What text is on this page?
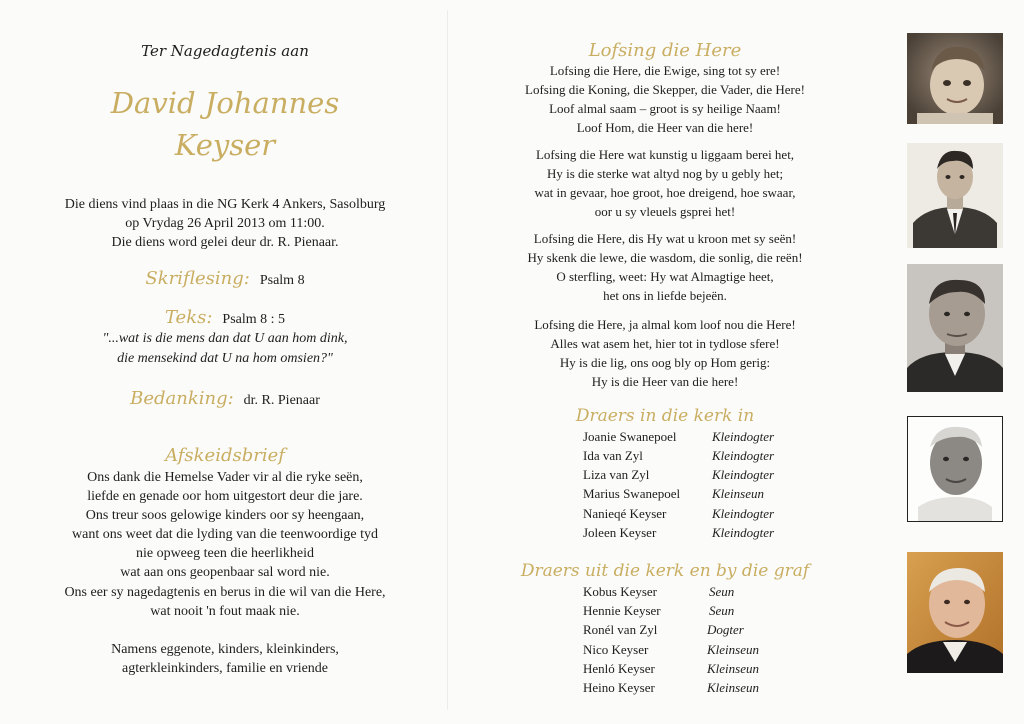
Ter Nagedagtenis aan
David Johannes
Keyser
Die diens vind plaas in die NG Kerk 4 Ankers, Sasolburg
op Vrydag 26 April 2013 om 11:00.
Die diens word gelei deur dr. R. Pienaar.
Skriflesing: Psalm 8
Teks: Psalm 8 : 5
"...wat is die mens dan dat U aan hom dink,
die mensekind dat U na hom omsien?"
Bedanking: dr. R. Pienaar
Afskeidsbrief
Ons dank die Hemelse Vader vir al die ryke seën,
liefde en genade oor hom uitgestort deur die jare.
Ons treur soos gelowige kinders oor sy heengaan,
want ons weet dat die lyding van die teenwoordige tyd
nie opweeg teen die heerlikheid
wat aan ons geopenbaar sal word nie.
Ons eer sy nagedagtenis en berus in die wil van die Here,
wat nooit 'n fout maak nie.
Namens eggenote, kinders, kleinkinders,
agterkleinkinders, familie en vriende
Lofsing die Here
Lofsing die Here, die Ewige, sing tot sy ere!
Lofsing die Koning, die Skepper, die Vader, die Here!
Loof almal saam – groot is sy heilige Naam!
Loof Hom, die Heer van die here!
Lofsing die Here wat kunstig u liggaam berei het,
Hy is die sterke wat altyd nog by u gebly het;
wat in gevaar, hoe groot, hoe dreigend, hoe swaar,
oor u sy vleuels gsprei het!
Lofsing die Here, dis Hy wat u kroon met sy seën!
Hy skenk die lewe, die wasdom, die sonlig, die reën!
O sterfling, weet: Hy wat Almagtige heet,
het ons in liefde bejeën.
Lofsing die Here, ja almal kom loof nou die Here!
Alles wat asem het, hier tot in tydlose sfere!
Hy is die lig, ons oog bly op Hom gerig:
Hy is die Heer van die here!
Draers in die kerk in
Joanie Swanepoel	Kleindogter
Ida van Zyl	Kleindogter
Liza van Zyl	Kleindogter
Marius Swanepoel Kleinseun
Nanieqé Keyser	Kleindogter
Joleen Keyser	Kleindogter
Draers uit die kerk en by die graf
Kobus Keyser	Seun
Hennie Keyser	Seun
Ronél van Zyl	Dogter
Nico Keyser	Kleinseun
Henló Keyser	Kleinseun
Heino Keyser	Kleinseun
